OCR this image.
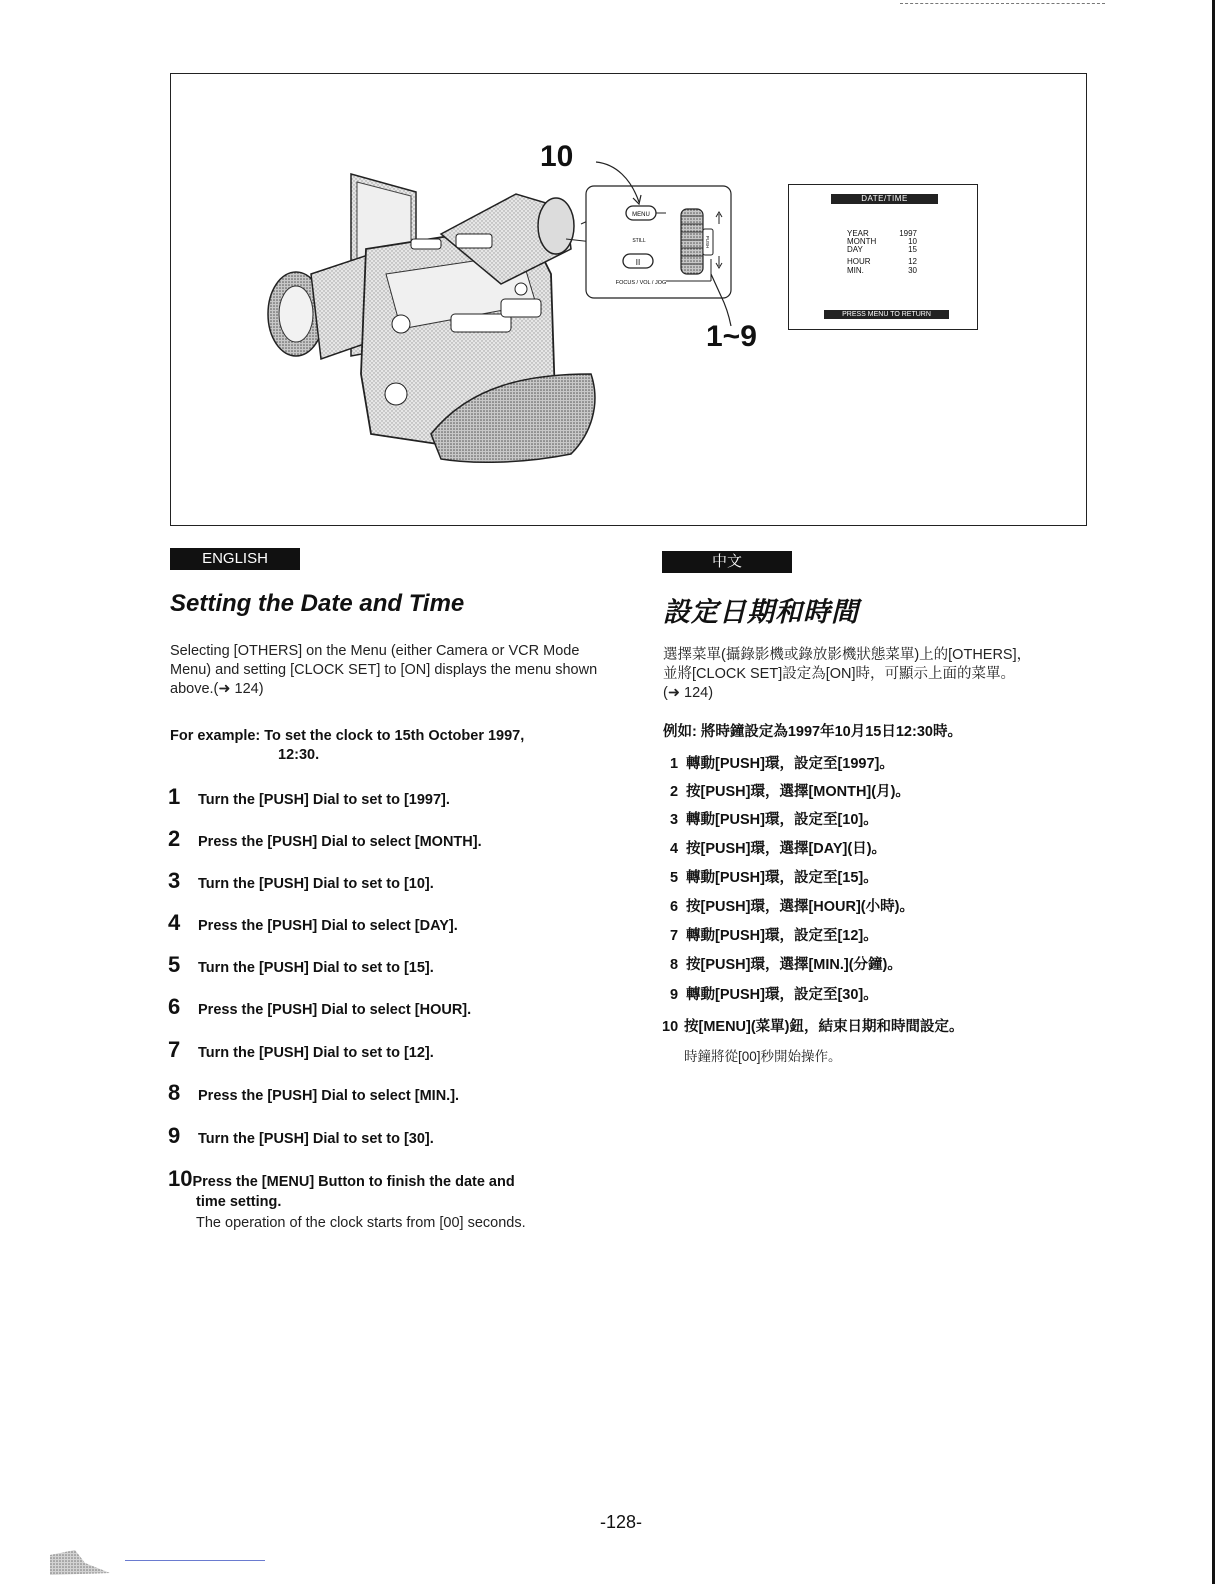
MENU
STILL
II
FOCUS / VOL / JOG
PUSH
10
1~9
DATE/TIME
YEAR	1997
MONTH	10
DAY	15
HOUR	12
MIN.	30
PRESS MENU TO RETURN
ENGLISH
Setting the Date and Time
Selecting [OTHERS] on the Menu (either Camera or VCR Mode Menu) and setting [CLOCK SET] to [ON] displays the menu shown above.(➜ 124)
For example: To set the clock to 15th October 1997,
12:30.
1	Turn the [PUSH] Dial to set to [1997].
2	Press the [PUSH] Dial to select [MONTH].
3	Turn the [PUSH] Dial to set to [10].
4	Press the [PUSH] Dial to select [DAY].
5	Turn the [PUSH] Dial to set to [15].
6	Press the [PUSH] Dial to select [HOUR].
7	Turn the [PUSH] Dial to set to [12].
8	Press the [PUSH] Dial to select [MIN.].
9	Turn the [PUSH] Dial to set to [30].
10Press the [MENU] Button to finish the date and
time setting.
The operation of the clock starts from [00] seconds.
中文
設定日期和時間
選擇菜單(攝錄影機或錄放影機狀態菜單)上的[OTHERS]，
並將[CLOCK SET]設定為[ON]時，可顯示上面的菜單。
(➜ 124)
例如: 將時鐘設定為1997年10月15日12:30時。
1 轉動[PUSH]環，設定至[1997]。
2 按[PUSH]環，選擇[MONTH](月)。
3 轉動[PUSH]環，設定至[10]。
4 按[PUSH]環，選擇[DAY](日)。
5 轉動[PUSH]環，設定至[15]。
6 按[PUSH]環，選擇[HOUR](小時)。
7 轉動[PUSH]環，設定至[12]。
8 按[PUSH]環，選擇[MIN.](分鐘)。
9 轉動[PUSH]環，設定至[30]。
10 按[MENU](菜單)鈕，結束日期和時間設定。
時鐘將從[00]秒開始操作。
-128-
